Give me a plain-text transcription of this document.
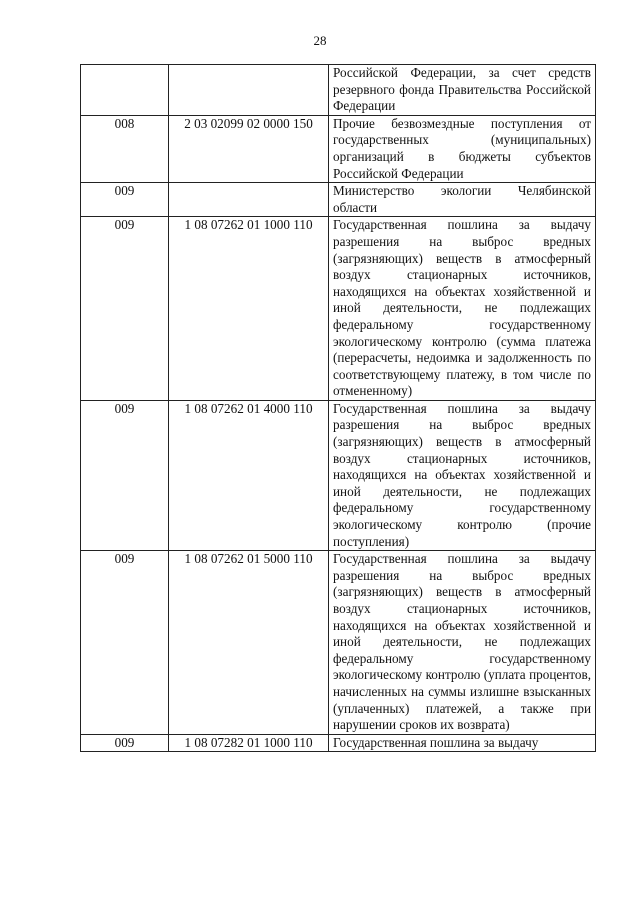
28
		Российской Федерации, за счет средств резервного фонда Правительства Российской Федерации
008	2 03 02099 02 0000 150	Прочие безвозмездные поступления от государственных (муниципальных) организаций в бюджеты субъектов Российской Федерации
009		Министерство экологии Челябинской области
009	1 08 07262 01 1000 110	Государственная пошлина за выдачу разрешения на выброс вредных (загрязняющих) веществ в атмосферный воздух стационарных источников, находящихся на объектах хозяйственной и иной деятельности, не подлежащих федеральному государственному экологическому контролю (сумма платежа (перерасчеты, недоимка и задолженность по соответствующему платежу, в том числе по отмененному)
009	1 08 07262 01 4000 110	Государственная пошлина за выдачу разрешения на выброс вредных (загрязняющих) веществ в атмосферный воздух стационарных источников, находящихся на объектах хозяйственной и иной деятельности, не подлежащих федеральному государственному экологическому контролю (прочие поступления)
009	1 08 07262 01 5000 110	Государственная пошлина за выдачу разрешения на выброс вредных (загрязняющих) веществ в атмосферный воздух стационарных источников, находящихся на объектах хозяйственной и иной деятельности, не подлежащих федеральному государственному экологическому контролю (уплата процентов, начисленных на суммы излишне взысканных (уплаченных) платежей, а также при нарушении сроков их возврата)
009	1 08 07282 01 1000 110	Государственная пошлина за выдачу
